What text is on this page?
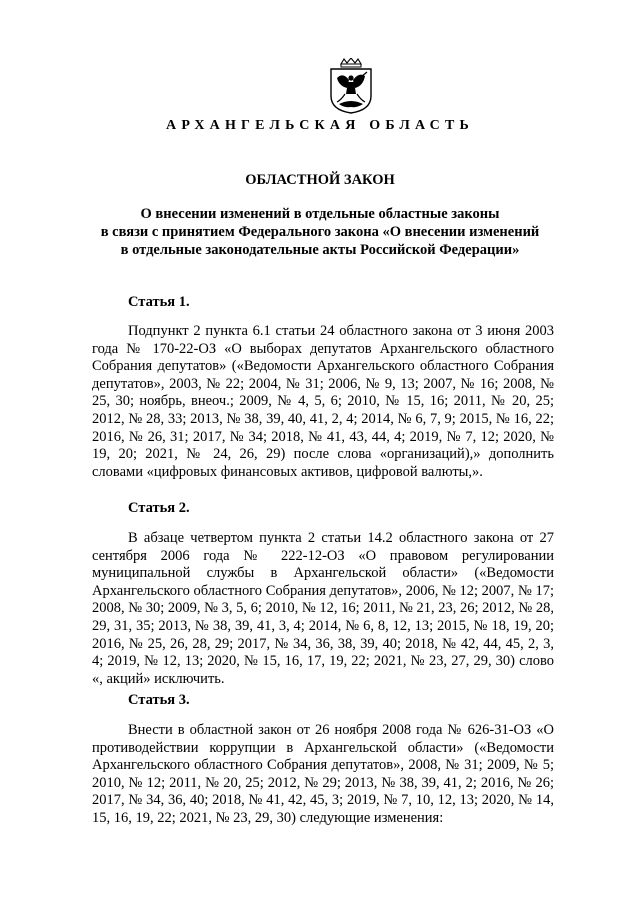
АРХАНГЕЛЬСКАЯ ОБЛАСТЬ
ОБЛАСТНОЙ ЗАКОН
О внесении изменений в отдельные областные законы
в связи с принятием Федерального закона «О внесении изменений
в отдельные законодательные акты Российской Федерации»
Статья 1.
Подпункт 2 пункта 6.1 статьи 24 областного закона от 3 июня 2003 года № 170-22-ОЗ «О выборах депутатов Архангельского областного Собрания депутатов» («Ведомости Архангельского областного Собрания депутатов», 2003, № 22; 2004, № 31; 2006, № 9, 13; 2007, № 16; 2008, № 25, 30; ноябрь, внеоч.; 2009, № 4, 5, 6; 2010, № 15, 16; 2011, № 20, 25; 2012, № 28, 33; 2013, № 38, 39, 40, 41, 2, 4; 2014, № 6, 7, 9; 2015, № 16, 22; 2016, № 26, 31; 2017, № 34; 2018, № 41, 43, 44, 4; 2019, № 7, 12; 2020, № 19, 20; 2021, № 24, 26, 29) после слова «организаций),» дополнить словами «цифровых финансовых активов, цифровой валюты,».
Статья 2.
В абзаце четвертом пункта 2 статьи 14.2 областного закона от 27 сентября 2006 года № 222-12-ОЗ «О правовом регулировании муниципальной службы в Архангельской области» («Ведомости Архангельского областного Собрания депутатов», 2006, № 12; 2007, № 17; 2008, № 30; 2009, № 3, 5, 6; 2010, № 12, 16; 2011, № 21, 23, 26; 2012, № 28, 29, 31, 35; 2013, № 38, 39, 41, 3, 4; 2014, № 6, 8, 12, 13; 2015, № 18, 19, 20; 2016, № 25, 26, 28, 29; 2017, № 34, 36, 38, 39, 40; 2018, № 42, 44, 45, 2, 3, 4; 2019, № 12, 13; 2020, № 15, 16, 17, 19, 22; 2021, № 23, 27, 29, 30) слово «, акций» исключить.
Статья 3.
Внести в областной закон от 26 ноября 2008 года № 626-31-ОЗ «О противодействии коррупции в Архангельской области» («Ведомости Архангельского областного Собрания депутатов», 2008, № 31; 2009, № 5; 2010, № 12; 2011, № 20, 25; 2012, № 29; 2013, № 38, 39, 41, 2; 2016, № 26; 2017, № 34, 36, 40; 2018, № 41, 42, 45, 3; 2019, № 7, 10, 12, 13; 2020, № 14, 15, 16, 19, 22; 2021, № 23, 29, 30) следующие изменения:
